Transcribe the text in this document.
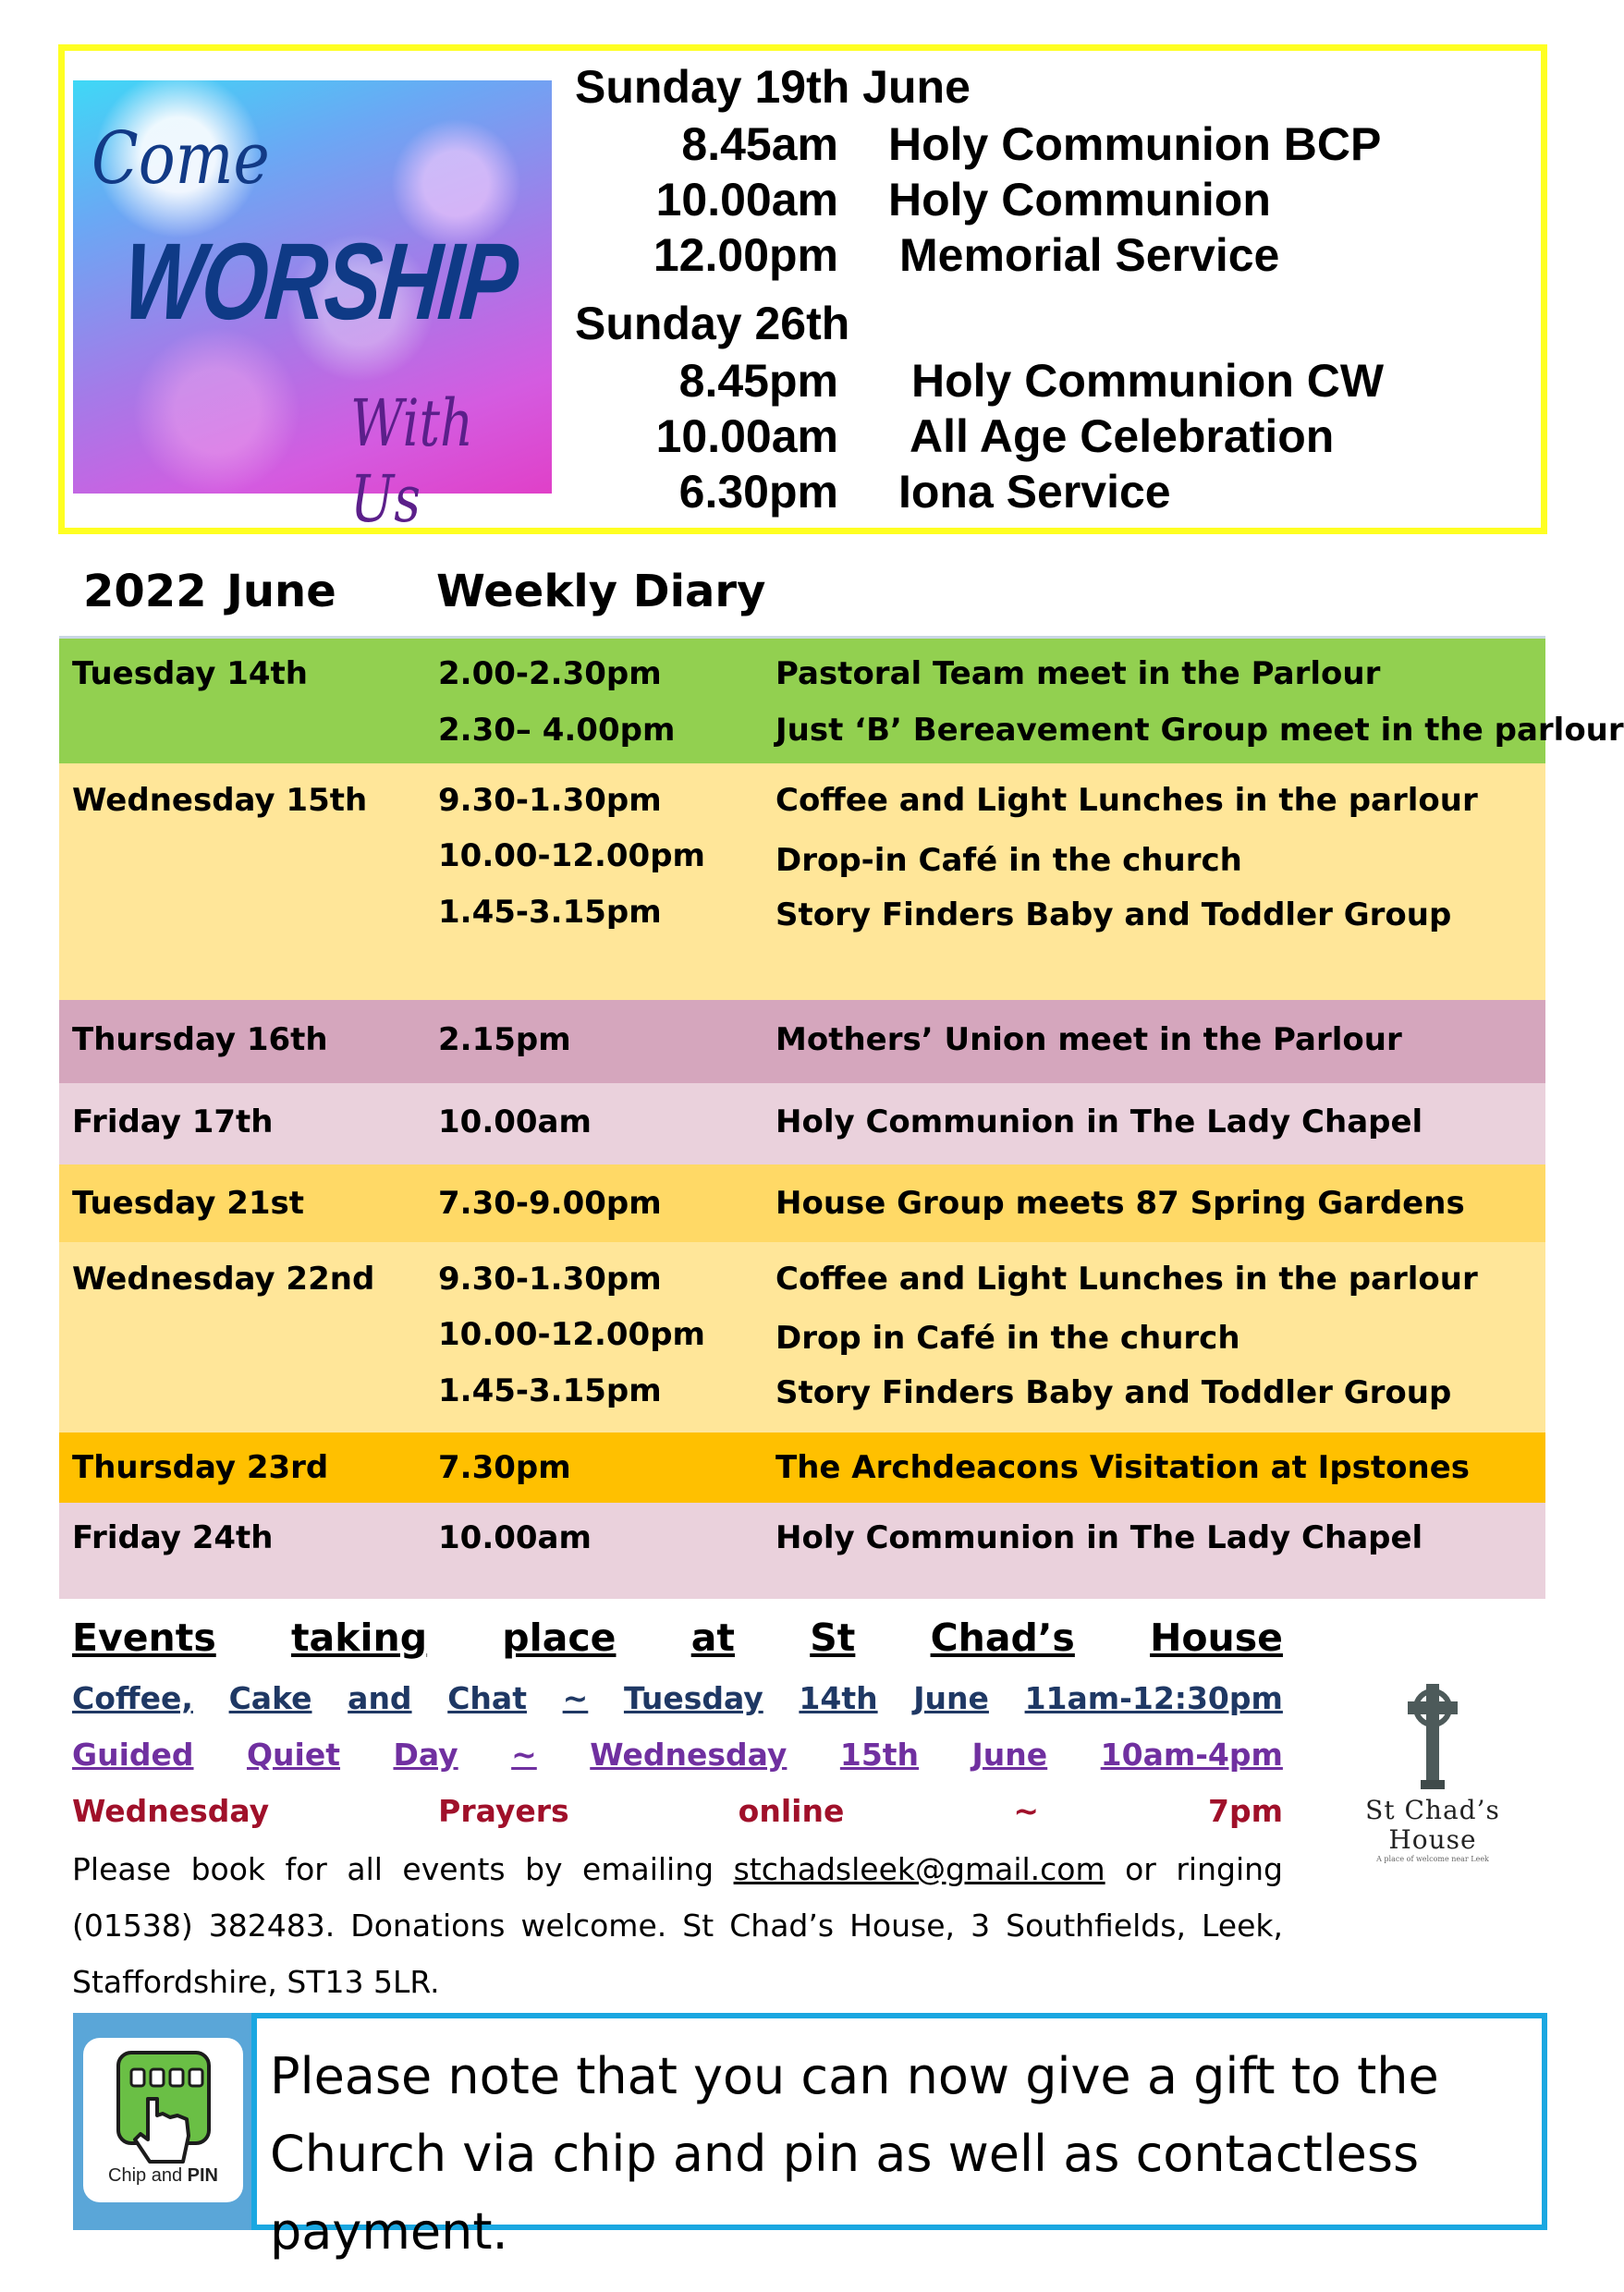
Come
WORSHIP
With Us
Sunday 19th June
8.45am Holy Communion BCP
10.00am Holy Communion
12.00pm Memorial Service
Sunday 26th
8.45pm Holy Communion CW
10.00am All Age Celebration
6.30pm Iona Service
2022 June Weekly Diary
Tuesday 14th	2.00-2.30pm	Pastoral Team meet in the Parlour
2.30– 4.00pm	Just ‘B’ Bereavement Group meet in the parlour
Wednesday 15th 9.30-1.30pm	Coffee and Light Lunches in the parlour
10.00-12.00pm Drop-in Café in the church
1.45-3.15pm	Story Finders Baby and Toddler Group
Thursday 16th	2.15pm	Mothers’ Union meet in the Parlour
Friday 17th	10.00am	Holy Communion in The Lady Chapel
Tuesday 21st	7.30-9.00pm	House Group meets 87 Spring Gardens
Wednesday 22nd 9.30-1.30pm	Coffee and Light Lunches in the parlour
10.00-12.00pm Drop in Café in the church
1.45-3.15pm	Story Finders Baby and Toddler Group
Thursday 23rd	7.30pm	The Archdeacons Visitation at Ipstones
Friday 24th	10.00am	Holy Communion in The Lady Chapel
Events taking place at St Chad’s House
Coffee, Cake and Chat ~ Tuesday 14th June 11am-12:30pm
Guided Quiet Day ~ Wednesday 15th June 10am-4pm
Wednesday	Prayers	online	~	7pm
Please book for all events by emailing stchadsleek@gmail.com or ringing (01538) 382483. Donations welcome. St Chad’s House, 3 Southfields, Leek, Staffordshire, ST13 5LR.
St Chad’s
House
A place of welcome near Leek
Chip and PIN
Please note that you can now give a gift to the Church via chip and pin as well as contactless payment.
